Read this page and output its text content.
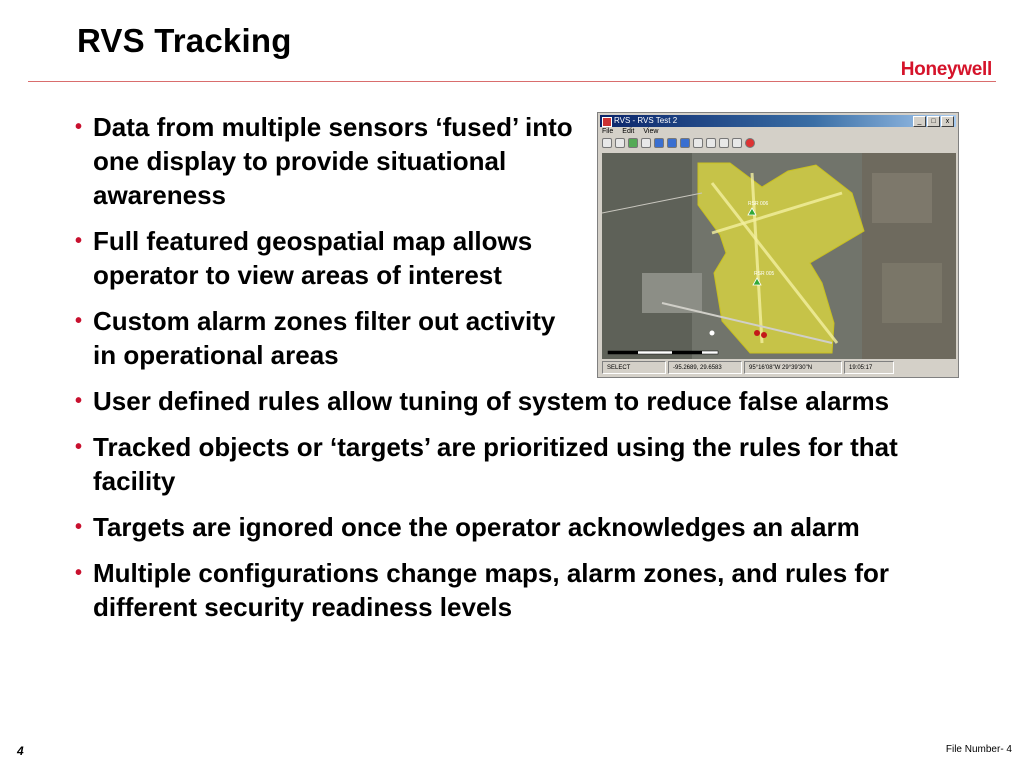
RVS Tracking
Honeywell
• Data from multiple sensors ‘fused’ into one display to provide situational awareness
• Full featured geospatial map allows operator to view areas of interest
• Custom alarm zones filter out activity in operational areas
• User defined rules allow tuning of system to reduce false alarms
• Tracked objects or ‘targets’ are prioritized using the rules for that facility
• Targets are ignored once the operator acknowledges an alarm
• Multiple configurations change maps, alarm zones, and rules for different security readiness levels
RVS - RVS Test 2	_	□	x
File Edit View
RSR 006
RSR 005
SELECT	-95.2689, 29.6583	95°16'08"W 29°39'30"N	19:05:17
4	File Number- 4
